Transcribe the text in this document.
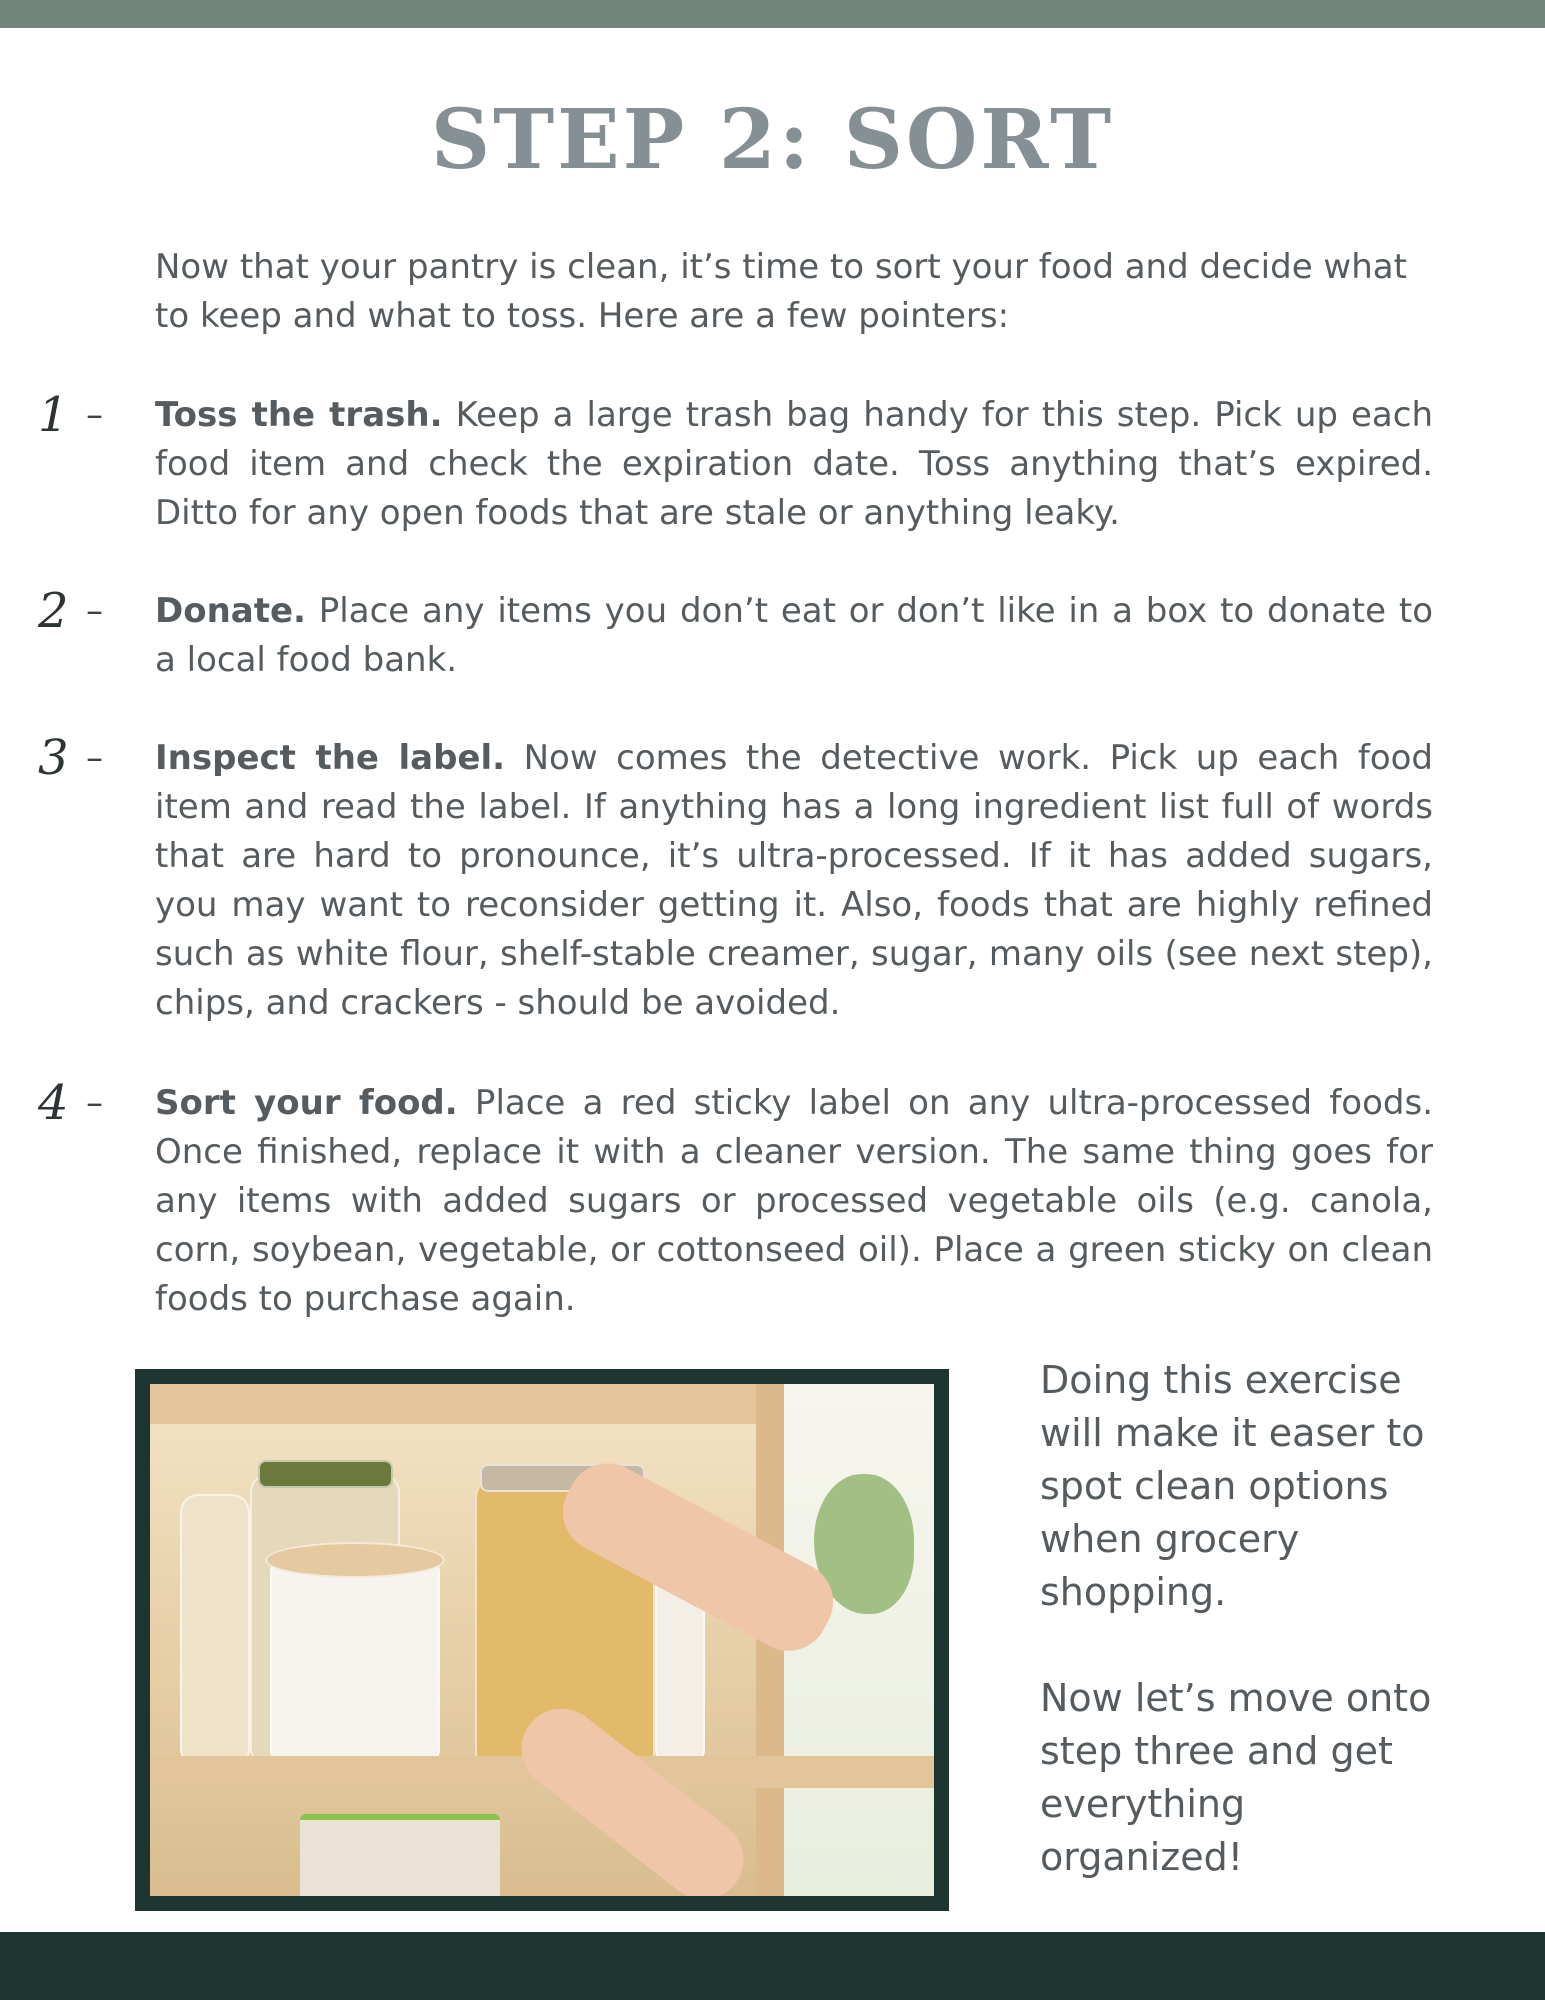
STEP 2: SORT

Now that your pantry is clean, it’s time to sort your food and decide what to keep and what to toss. Here are a few pointers:

1 – Toss the trash. Keep a large trash bag handy for this step. Pick up each food item and check the expiration date. Toss anything that’s expired. Ditto for any open foods that are stale or anything leaky.

2 – Donate. Place any items you don’t eat or don’t like in a box to donate to a local food bank.

3 – Inspect the label. Now comes the detective work. Pick up each food item and read the label. If anything has a long ingredient list full of words that are hard to pronounce, it’s ultra-processed. If it has added sugars, you may want to reconsider getting it. Also, foods that are highly refined such as white flour, shelf-stable creamer, sugar, many oils (see next step), chips, and crackers - should be avoided.

4 – Sort your food. Place a red sticky label on any ultra-processed foods. Once finished, replace it with a cleaner version. The same thing goes for any items with added sugars or processed vegetable oils (e.g. canola, corn, soybean, vegetable, or cottonseed oil). Place a green sticky on clean foods to purchase again.

Doing this exercise will make it easer to spot clean options when grocery shopping.

Now let’s move onto step three and get everything organized!
